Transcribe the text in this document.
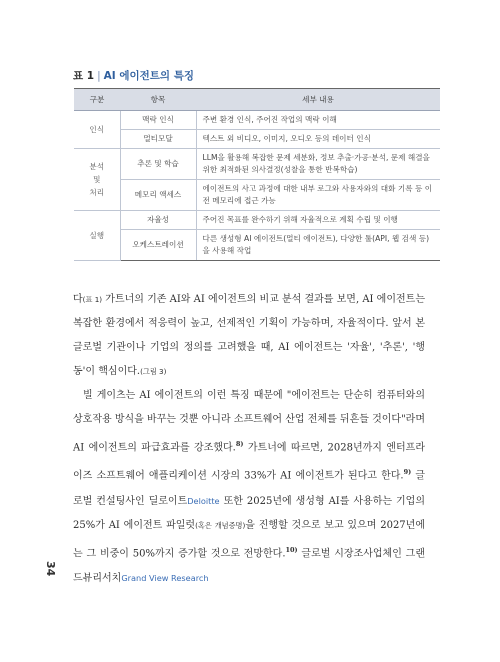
표 1 | AI 에이전트의 특징
구분	항목	세부 내용
인식	맥락 인식	주변 환경 인식, 주어진 작업의 맥락 이해
	멀티모달	텍스트 외 비디오, 이미지, 오디오 등의 데이터 인식
분석
및
처리	추론 및 학습	LLM을 활용해 복잡한 문제 세분화, 정보 추출·가공·분석, 문제 해결을 위한 최적화된 의사결정(성찰을 통한 반복학습)
	메모리 액세스	에이전트의 사고 과정에 대한 내부 로그와 사용자와의 대화 기록 등 이전 메모리에 접근 가능
실행	자율성	주어진 목표를 완수하기 위해 자율적으로 계획 수립 및 이행
	오케스트레이션	다른 생성형 AI 에이전트(멀티 에이전트), 다양한 툴(API, 웹 검색 등)을 사용해 작업

다(표 1) 가트너의 기존 AI와 AI 에이전트의 비교 분석 결과를 보면, AI 에이전트는 복잡한 환경에서 적응력이 높고, 선제적인 기획이 가능하며, 자율적이다. 앞서 본 글로벌 기관이나 기업의 정의를 고려했을 때, AI 에이전트는 '자율', '추론', '행동'이 핵심이다.(그림 3)

빌 게이츠는 AI 에이전트의 이런 특징 때문에 "에이전트는 단순히 컴퓨터와의 상호작용 방식을 바꾸는 것뿐 아니라 소프트웨어 산업 전체를 뒤흔들 것이다"라며 AI 에이전트의 파급효과를 강조했다.$^{8)}$ 가트너에 따르면, 2028년까지 엔터프라이즈 소프트웨어 애플리케이션 시장의 33%가 AI 에이전트가 된다고 한다.$^{9)}$ 글로벌 컨설팅사인 딜로이트Deloitte 또한 2025년에 생성형 AI를 사용하는 기업의 25%가 AI 에이전트 파일럿(혹은 개념증명)을 진행할 것으로 보고 있으며 2027년에는 그 비중이 50%까지 증가할 것으로 전망한다.$^{10)}$ 글로벌 시장조사업체인 그랜드뷰리서치Grand View Research

34
